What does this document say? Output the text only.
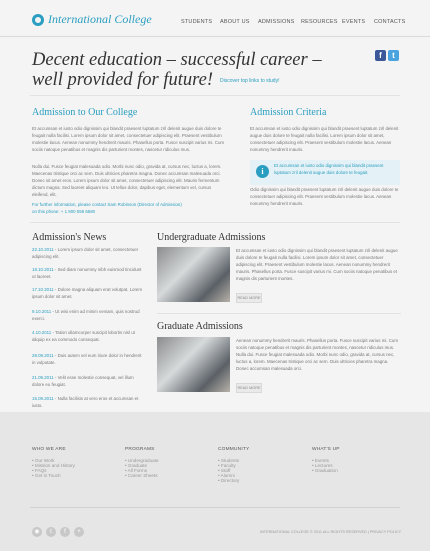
International College	STUDENTS ABOUT US ADMISSIONS RESOURCES EVENTS CONTACTS
Decent education – successful career –
well provided for future!	Discover top links to study!
f	t
Admission to Our College
Et accumsan et iusto odio dignissim qui blandit praesent luptatum zril delenit augue duis dolore te feugait nulla facilisi. Lorem ipsum dolor sit amet, consectetuer adipiscing elit. Praesent vestibulum molestie lacus. Aenean nonummy hendrerit mauris. Phasellus porta. Fusce suscipit varius mi. Cum sociis natoque penatibus et magnis dis parturient montes, nascetur ridiculus mus.
Nulla dui. Fusce feugiat malesuada odio. Morbi nunc odio, gravida at, cursus nec, luctus a, lorem. Maecenas tristique orci ac sem. Duis ultricies pharetra magna. Donec accumsan malesuada orci. Donec sit amet eros. Lorem ipsum dolor sit amet, consectetuer adipiscing elit. Mauris fermentum dictum magna. Sed laoreet aliquam leo. Ut tellus dolor, dapibus eget, elementum vel, cursus eleifend, elit.
For further information, please contact Sam Robinson (Director of Admission)
on this phone: + 1 800 559 6580
Admission Criteria
Et accumsan et iusto odio dignissim qui blandit praesent luptatum zril delenit augue duis dolore te feugait nulla facilisi. Lorem ipsum dolor sit amet, consectetuer adipiscing elit. Praesent vestibulum molestie lacus. Aenean nonummy hendrerit mauris.
i
Et accumsan et iusto odio dignissim qui blandit praesent luptatum zril delenit augue duis dolore te feugait.
Odio dignissim qui blandit praesent luptatum zril delenit augue duis dolore te consectetuer adipiscing elit. Praesent vestibulum molestie lacus. Aenean nonummy hendrerit mauris.
Admission's News
22.10.2011 - Lorem ipsum dolor sit amet, consectetuer adipiscing elit.
18.10.2011 - Sed diam nonummy nibh euismod tincidunt ut laoreet.
17.10.2011 - Dolore magna aliquam erat volutpat. Lorem ipsum dolor sit amet.
9.10.2011 - Ut wisi enim ad minim veniam, quis nostrud exerci.
4.10.2011 - Tation ullamcorper suscipit lobortis nisl ut aliquip ex ea commodo consequat.
28.09.2011 - Duis autem vel eum iriure dolor in hendrerit in vulputate.
21.09.2011 - Velit esse molestie consequat, vel illum dolore eu feugiat.
15.09.2011 - Nulla facilisis at vero eros et accumsan et iusto.
Undergraduate Admissions
Et accumsan et iusto odio dignissim qui blandit praesent luptatum zril delenit augue duis dolore te feugait nulla facilisi. Lorem ipsum dolor sit amet, consectetuer adipiscing elit. Praesent vestibulum molestie lacus. Aenean nonummy hendrerit mauris. Phasellus porta. Fusce suscipit varius mi. Cum sociis natoque penatibus et magnis dis parturient montes.
READ MORE
Graduate Admissions
Aenean nonummy hendrerit mauris. Phasellus porta. Fusce suscipit varius mi. Cum sociis natoque penatibus et magnis dis parturient montes, nascetur ridiculus mus. Nulla dui. Fusce feugiat malesuada odio. Morbi nunc odio, gravida at, cursus nec, luctus a, lorem. Maecenas tristique orci ac sem. Duis ultricies pharetra magna. Donec accumsan malesuada orci.
READ MORE
WHO WE ARE
• Our Work
• Mission and History
• FAQs
• Get in Touch
PROGRAMS
• Undergraduate
• Graduate
• All Forms
• Career Sheets
COMMUNITY
• Students
• Faculty
• Staff
• Alumni
• Directory
WHAT'S UP
• Events
• Lectures
• Graduation
◉	t	f	+	INTERNATIONAL COLLEGE © 2011 ALL RIGHTS RESERVED | PRIVACY POLICY
